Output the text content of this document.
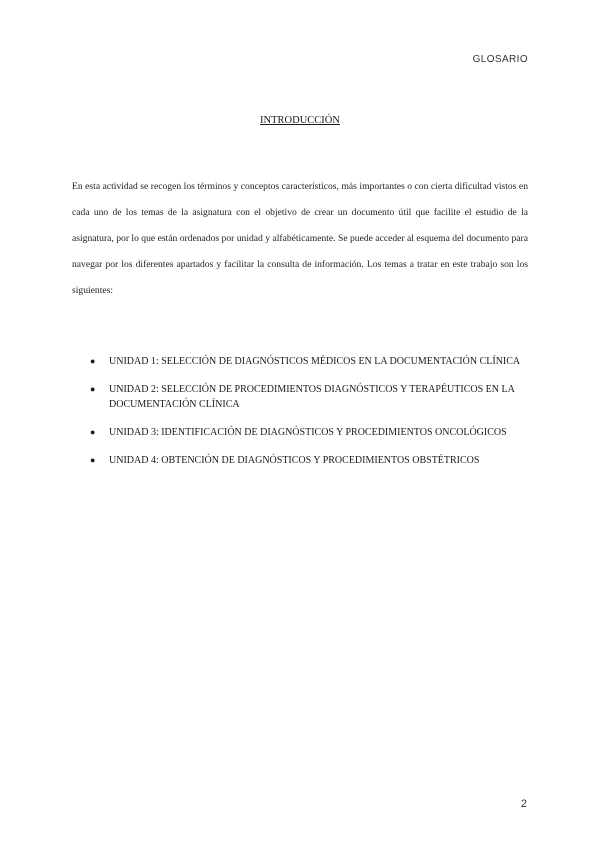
GLOSARIO
INTRODUCCIÓN

En esta actividad se recogen los términos y conceptos característicos, más importantes o con cierta dificultad vistos en cada uno de los temas de la asignatura con el objetivo de crear un documento útil que facilite el estudio de la asignatura, por lo que están ordenados por unidad y alfabéticamente. Se puede acceder al esquema del documento para navegar por los diferentes apartados y facilitar la consulta de información. Los temas a tratar en este trabajo son los siguientes:

● UNIDAD 1: SELECCIÓN DE DIAGNÓSTICOS MÉDICOS EN LA DOCUMENTACIÓN CLÍNICA
● UNIDAD 2: SELECCIÓN DE PROCEDIMIENTOS DIAGNÓSTICOS Y TERAPÉUTICOS EN LA DOCUMENTACIÓN CLÍNICA
● UNIDAD 3: IDENTIFICACIÓN DE DIAGNÓSTICOS Y PROCEDIMIENTOS ONCOLÓGICOS
● UNIDAD 4: OBTENCIÓN DE DIAGNÓSTICOS Y PROCEDIMIENTOS OBSTÉTRICOS
2
